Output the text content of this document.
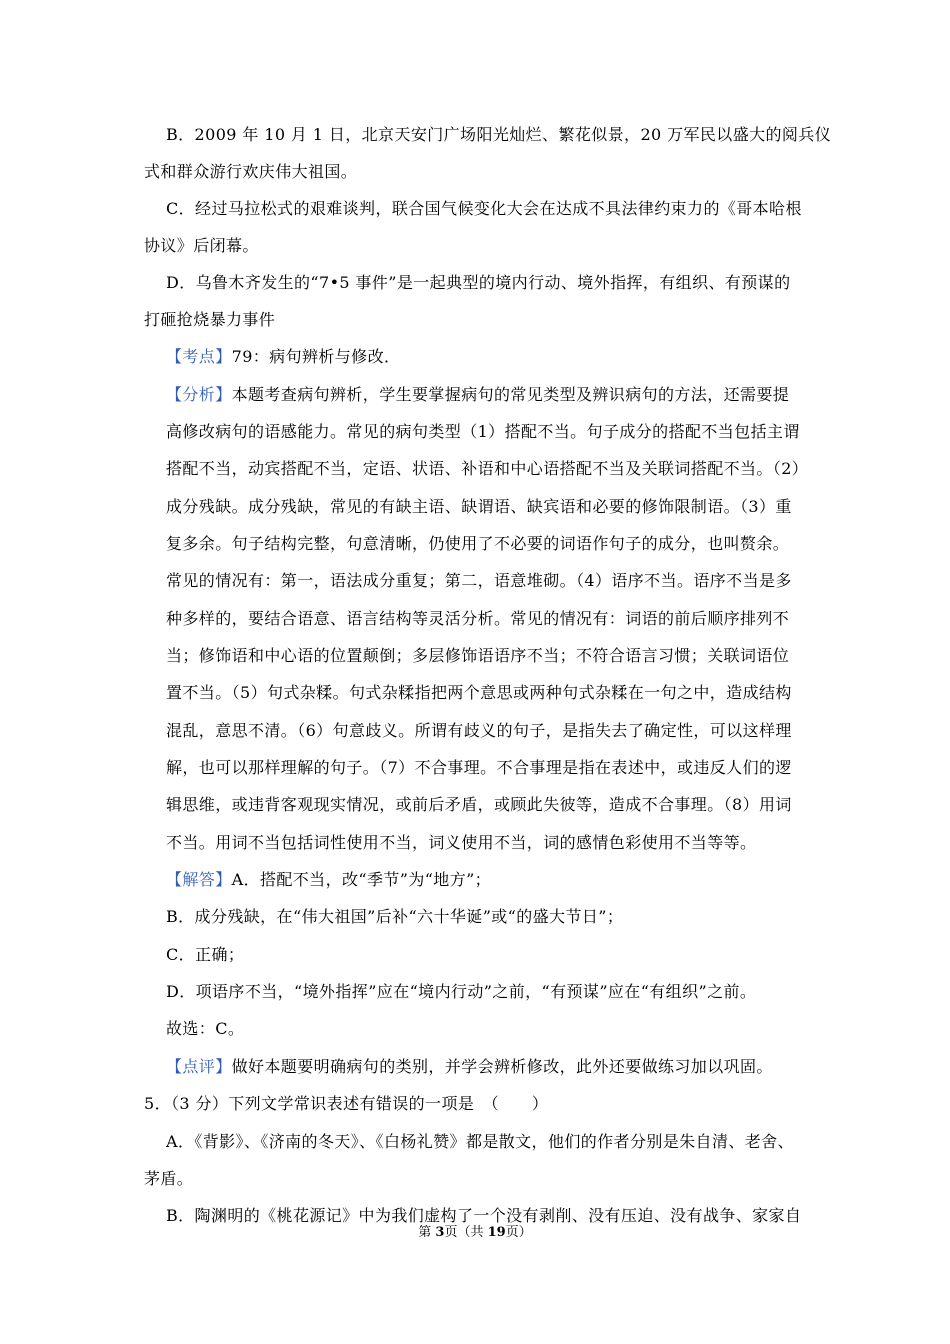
B．2009 年 10 月 1 日，北京天安门广场阳光灿烂、繁花似景，20 万军民以盛大的阅兵仪
式和群众游行欢庆伟大祖国。
C．经过马拉松式的艰难谈判，联合国气候变化大会在达成不具法律约束力的《哥本哈根
协议》后闭幕。
D．乌鲁木齐发生的“7•5 事件”是一起典型的境内行动、境外指挥，有组织、有预谋的
打砸抢烧暴力事件
【考点】79：病句辨析与修改．
【分析】本题考查病句辨析，学生要掌握病句的常见类型及辨识病句的方法，还需要提
高修改病句的语感能力。常见的病句类型（1）搭配不当。句子成分的搭配不当包括主谓
搭配不当，动宾搭配不当，定语、状语、补语和中心语搭配不当及关联词搭配不当。（2）
成分残缺。成分残缺，常见的有缺主语、缺谓语、缺宾语和必要的修饰限制语。（3）重
复多余。句子结构完整，句意清晰，仍使用了不必要的词语作句子的成分，也叫赘余。
常见的情况有：第一，语法成分重复；第二，语意堆砌。（4）语序不当。语序不当是多
种多样的，要结合语意、语言结构等灵活分析。常见的情况有：词语的前后顺序排列不
当；修饰语和中心语的位置颠倒；多层修饰语语序不当；不符合语言习惯；关联词语位
置不当。（5）句式杂糅。句式杂糅指把两个意思或两种句式杂糅在一句之中，造成结构
混乱，意思不清。（6）句意歧义。所谓有歧义的句子，是指失去了确定性，可以这样理
解，也可以那样理解的句子。（7）不合事理。不合事理是指在表述中，或违反人们的逻
辑思维，或违背客观现实情况，或前后矛盾，或顾此失彼等，造成不合事理。（8）用词
不当。用词不当包括词性使用不当，词义使用不当，词的感情色彩使用不当等等。
【解答】A．搭配不当，改“季节”为“地方”；
B．成分残缺，在“伟大祖国”后补“六十华诞”或“的盛大节日”；
C．正确；
D．项语序不当，“境外指挥”应在“境内行动”之前，“有预谋”应在“有组织”之前。
故选：C。
【点评】做好本题要明确病句的类别，并学会辨析修改，此外还要做练习加以巩固。
5．（3 分）下列文学常识表述有错误的一项是　（　　）
A．《背影》、《济南的冬天》、《白杨礼赞》都是散文，他们的作者分别是朱自清、老舍、
茅盾。
B．陶渊明的《桃花源记》中为我们虚构了一个没有剥削、没有压迫、没有战争、家家自
第 3页（共 19页）
